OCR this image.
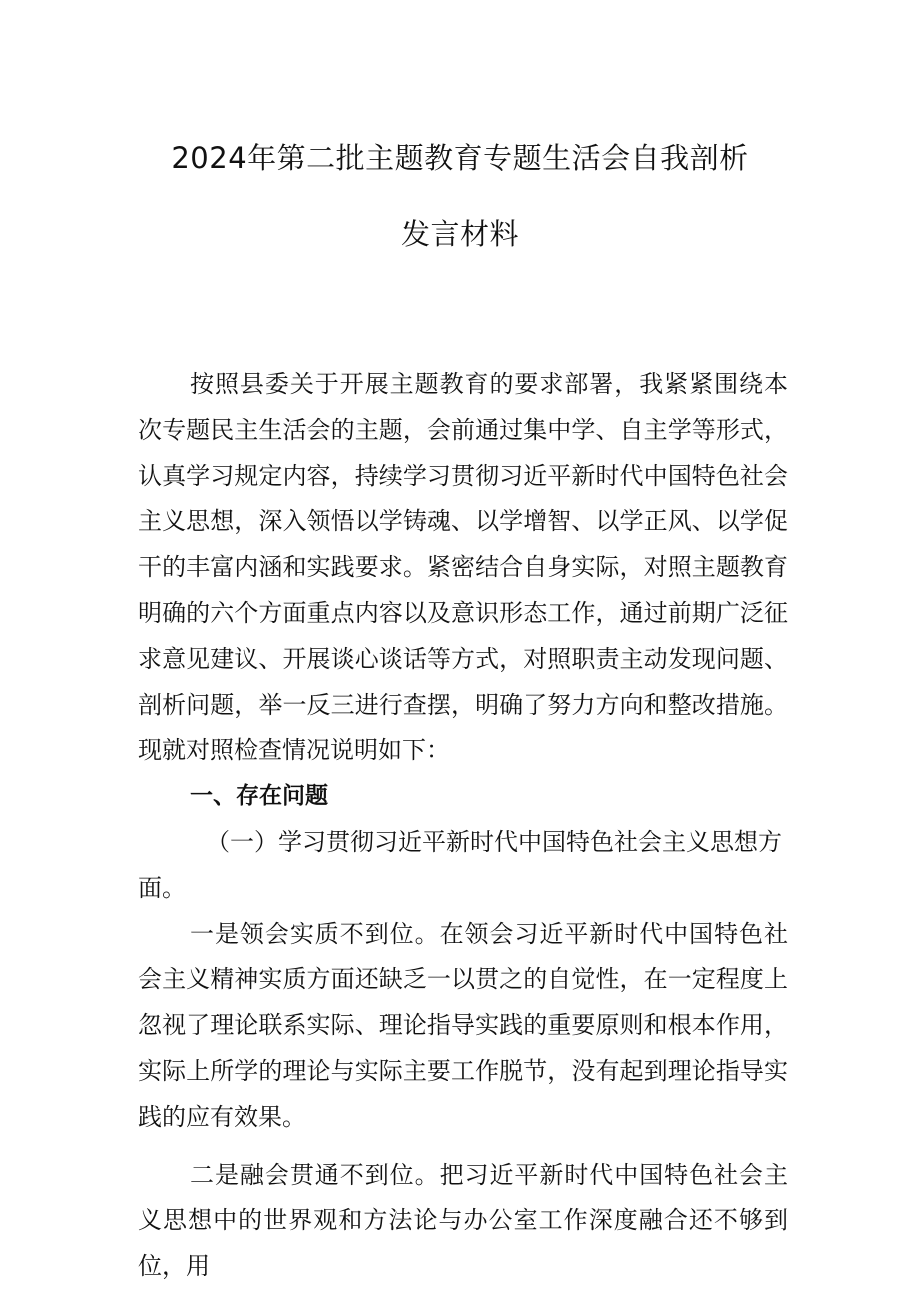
2024年第二批主题教育专题生活会自我剖析
发言材料

按照县委关于开展主题教育的要求部署，我紧紧围绕本次专题民主生活会的主题，会前通过集中学、自主学等形式，认真学习规定内容，持续学习贯彻习近平新时代中国特色社会主义思想，深入领悟以学铸魂、以学增智、以学正风、以学促干的丰富内涵和实践要求。紧密结合自身实际，对照主题教育明确的六个方面重点内容以及意识形态工作，通过前期广泛征求意见建议、开展谈心谈话等方式，对照职责主动发现问题、剖析问题，举一反三进行查摆，明确了努力方向和整改措施。现就对照检查情况说明如下：

一、存在问题

（一）学习贯彻习近平新时代中国特色社会主义思想方面。

一是领会实质不到位。在领会习近平新时代中国特色社会主义精神实质方面还缺乏一以贯之的自觉性，在一定程度上忽视了理论联系实际、理论指导实践的重要原则和根本作用，实际上所学的理论与实际主要工作脱节，没有起到理论指导实践的应有效果。

二是融会贯通不到位。把习近平新时代中国特色社会主义思想中的世界观和方法论与办公室工作深度融合还不够到位，用
